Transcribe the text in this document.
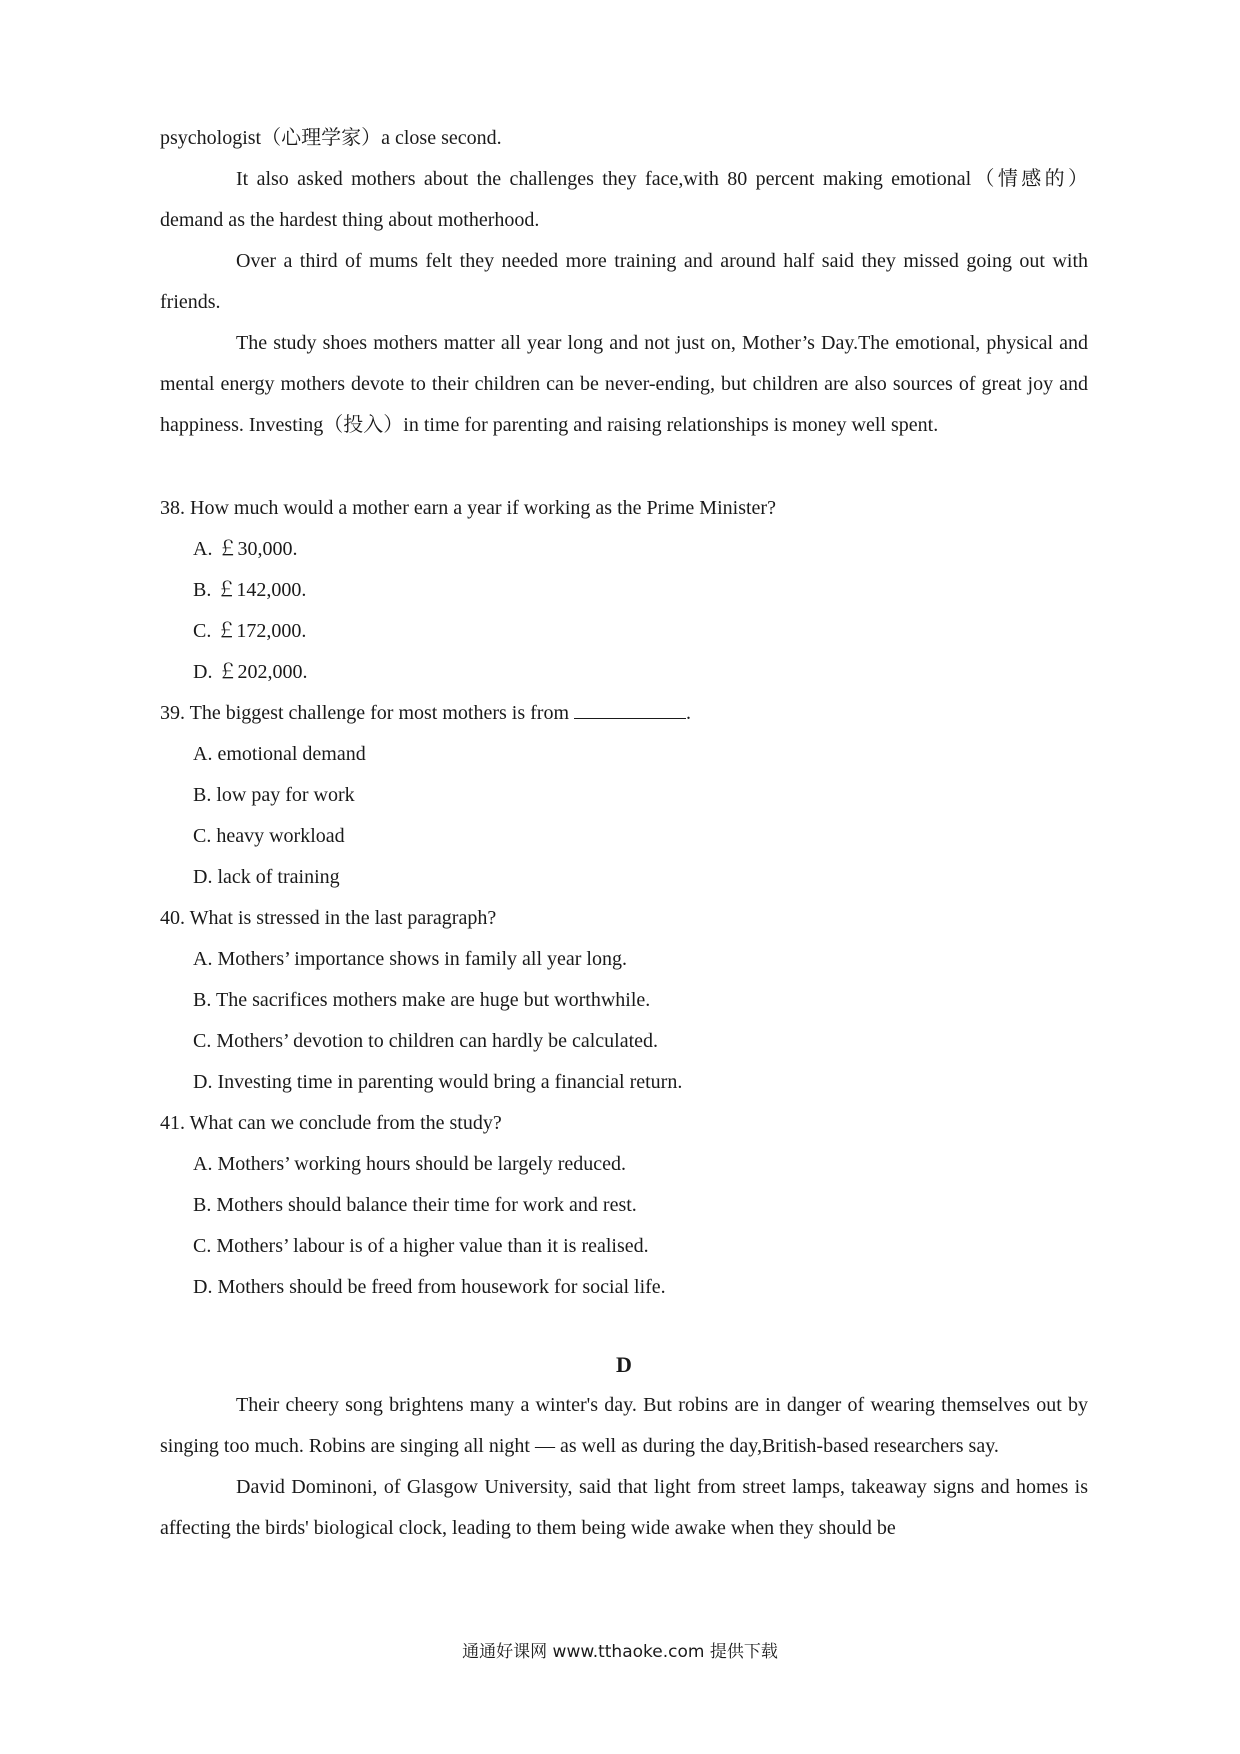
psychologist（心理学家）a close second.

It also asked mothers about the challenges they face,with 80 percent making emotional（情感的） demand as the hardest thing about motherhood.

Over a third of mums felt they needed more training and around half said they missed going out with friends.

The study shoes mothers matter all year long and not just on, Mother’s Day.The emotional, physical and mental energy mothers devote to their children can be never-ending, but children are also sources of great joy and happiness. Investing（投入）in time for parenting and raising relationships is money well spent.

38. How much would a mother earn a year if working as the Prime Minister?

A. ￡30,000.

B. ￡142,000.

C. ￡172,000.

D. ￡202,000.

39. The biggest challenge for most mothers is from	.

A. emotional demand

B. low pay for work

C. heavy workload

D. lack of training

40. What is stressed in the last paragraph?

A. Mothers’ importance shows in family all year long.

B. The sacrifices mothers make are huge but worthwhile.

C. Mothers’ devotion to children can hardly be calculated.

D. Investing time in parenting would bring a financial return.

41. What can we conclude from the study?

A. Mothers’ working hours should be largely reduced.

B. Mothers should balance their time for work and rest.

C. Mothers’ labour is of a higher value than it is realised.

D. Mothers should be freed from housework for social life.

D

Their cheery song brightens many a winter's day. But robins are in danger of wearing themselves out by singing too much. Robins are singing all night — as well as during the day,British-based researchers say.

David Dominoni, of Glasgow University, said that light from street lamps, takeaway signs and homes is affecting the birds' biological clock, leading to them being wide awake when they should be

通通好课网 www.tthaoke.com 提供下载
